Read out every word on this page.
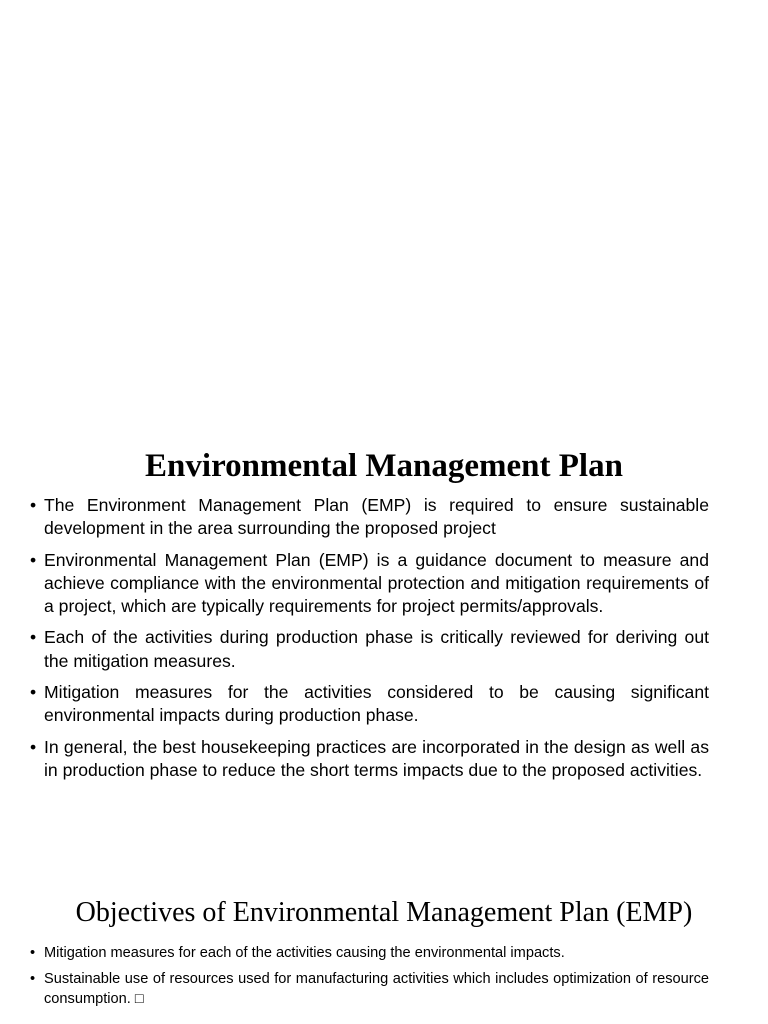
Environmental Management Plan
• The Environment Management Plan (EMP) is required to ensure sustainable development in the area surrounding the proposed project
• Environmental Management Plan (EMP) is a guidance document to measure and achieve compliance with the environmental protection and mitigation requirements of a project, which are typically requirements for project permits/approvals.
• Each of the activities during production phase is critically reviewed for deriving out the mitigation measures.
• Mitigation measures for the activities considered to be causing significant environmental impacts during production phase.
• In general, the best housekeeping practices are incorporated in the design as well as in production phase to reduce the short terms impacts due to the proposed activities.
Objectives of Environmental Management Plan (EMP)
• Mitigation measures for each of the activities causing the environmental impacts.
• Sustainable use of resources used for manufacturing activities which includes optimization of resource consumption. □
